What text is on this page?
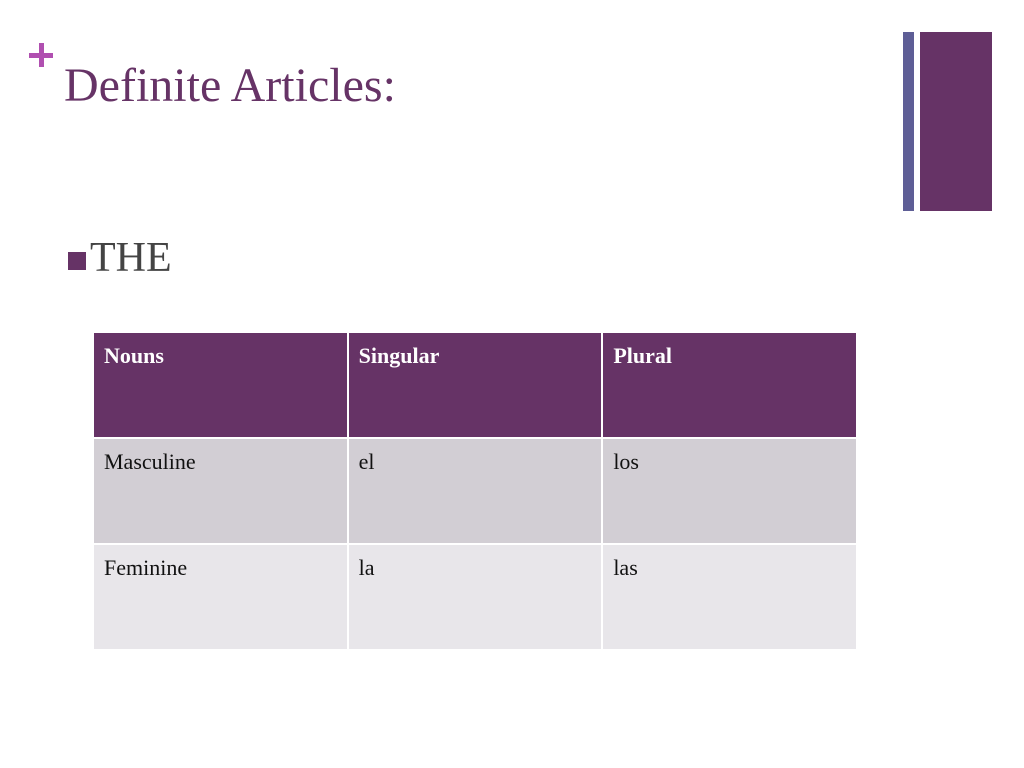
Definite Articles:
THE
Nouns	Singular	Plural
Masculine	el	los
Feminine	la	las
